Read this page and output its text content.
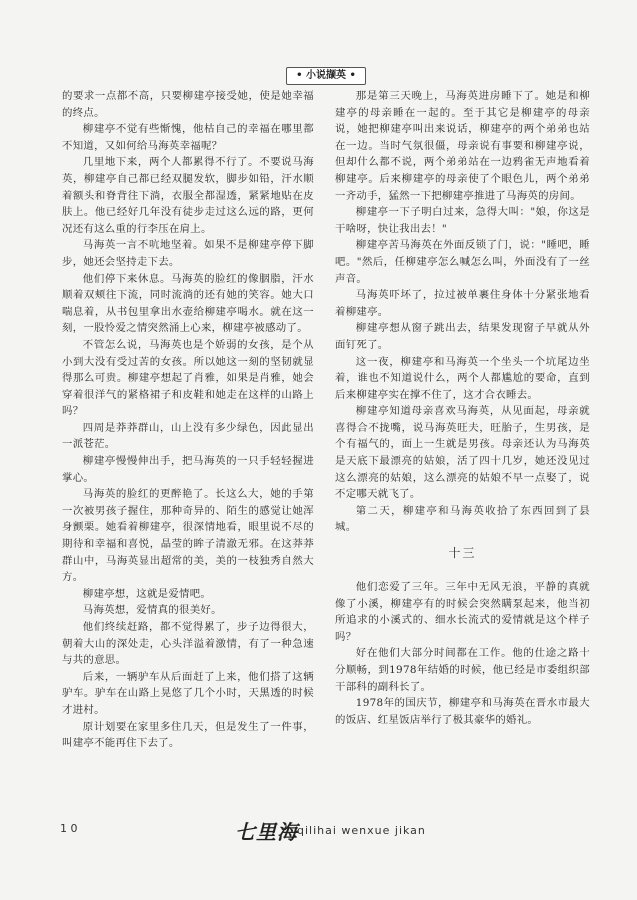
• 小说撷英 •

的要求一点都不高，只要柳建亭接受她，使是她幸福的终点。

柳建亭不觉有些惭愧，他枯自己的幸福在哪里都不知道，又如何给马海英幸福呢？

几里地下来，两个人都累得不行了。不要说马海英，柳建亭自己都已经双腿发软，脚步如铅，汗水顺着额头和脊背往下淌，衣服全都湿透，紧紧地贴在皮肤上。他已经好几年没有徒步走过这么远的路，更何况还有这么重的行李压在肩上。

马海英一言不吭地坚着。如果不是柳建亭停下脚步，她还会坚持走下去。

他们停下来休息。马海英的脸红的像胭脂，汗水顺着双颊往下流，同时流淌的还有她的笑容。她大口喘息着，从书包里拿出水壶给柳建亭喝水。就在这一刻，一股怜爱之情突然涌上心来，柳建亭被感动了。

不管怎么说，马海英也是个娇弱的女孩，是个从小到大没有受过苦的女孩。所以她这一刻的坚韧就显得那么可贵。柳建亭想起了肖雅，如果是肖雅，她会穿着很洋气的紧格裙子和皮鞋和她走在这样的山路上吗？

四周是莽莽群山，山上没有多少绿色，因此显出一派苍茫。

柳建亭慢慢伸出手，把马海英的一只手轻轻握进掌心。

马海英的脸红的更醉艳了。长这么大，她的手第一次被男孩子握住，那种奇异的、陌生的感觉让她浑身颤栗。她看着柳建亭，很深情地看，眼里说不尽的期待和幸福和喜悦，晶莹的眸子清澈无邪。在这莽莽群山中，马海英显出超常的美，美的一枝独秀自然大方。

柳建亭想，这就是爱情吧。

马海英想，爱情真的很美好。

他们终续赶路，都不觉得累了，步子边得很大，朝着大山的深处走，心头洋溢着激情，有了一种急速与共的意思。

后来，一辆驴车从后面赶了上来，他们搭了这辆驴车。驴车在山路上晃悠了几个小时，天黑透的时候才进村。

原计划要在家里多住几天，但是发生了一件事，叫建亭不能再住下去了。

那是第三天晚上，马海英进房睡下了。她是和柳建亭的母亲睡在一起的。至于其它是柳建亭的母亲说，她把柳建亭叫出来说话，柳建亭的两个弟弟也站在一边。当时气氛很僵，母亲说有事要和柳建亭说，但却什么都不说，两个弟弟站在一边鸦雀无声地看着柳建亭。后来柳建亭的母亲使了个眼色儿，两个弟弟一齐动手，猛然一下把柳建亭推进了马海英的房间。

柳建亭一下子明白过来，急得大叫："娘，你这是干啥呀，快让我出去！"

柳建亭苦马海英在外面反锁了门，说："睡吧，睡吧。"然后，任柳建亭怎么喊怎么叫，外面没有了一丝声音。

马海英吓坏了，拉过被单裹住身体十分紧张地看着柳建亭。

柳建亭想从窗子跳出去，结果发现窗子早就从外面钉死了。

这一夜，柳建亭和马海英一个坐头一个坑尾边坐着，谁也不知道说什么，两个人都尴尬的要命，直到后来柳建亭实在撑不住了，这才合衣睡去。

柳建亭知道母亲喜欢马海英，从见面起，母亲就喜得合不拢嘴，说马海英旺夫，旺胎子，生男孩，是个有福气的，面上一生就是男孩。母亲还认为马海英是天底下最漂亮的姑娘，活了四十几岁，她还没见过这么漂亮的姑娘，这么漂亮的姑娘不早一点娶了，说不定哪天就飞了。

第二天，柳建亭和马海英收拾了东西回到了县城。

十三

他们恋爱了三年。三年中无风无浪，平静的真就像了小溪，柳建亭有的时候会突然瞒泵起来，他当初所追求的小溪式的、细水长流式的爱情就是这个样子吗？

好在他们大部分时间都在工作。他的仕途之路十分顺畅，到1978年结婚的时候，他已经是市委组织部干部科的副科长了。

1978年的国庆节，柳建亭和马海英在晋水市最大的饭店、红星饭店举行了极其豪华的婚礼。

1 0	七里海 qilihai wenxue jikan
